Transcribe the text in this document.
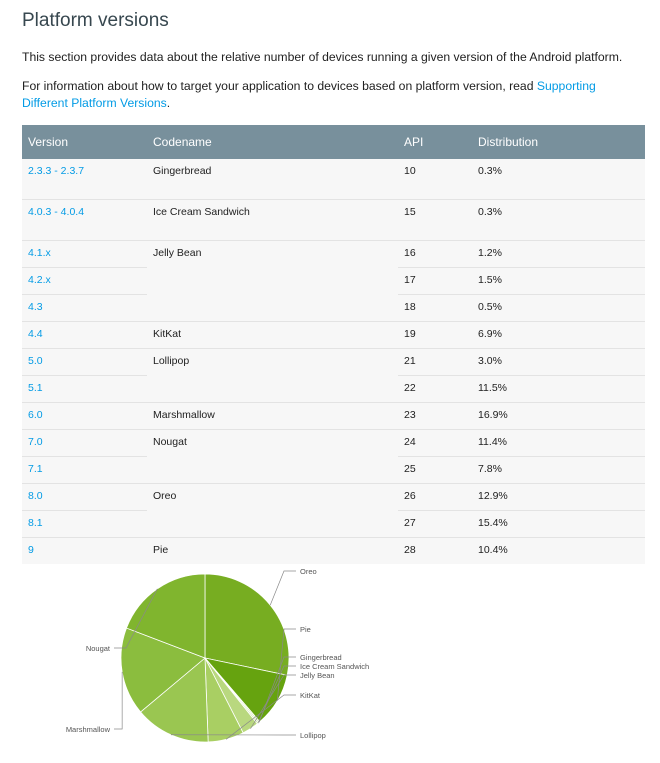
Platform versions

This section provides data about the relative number of devices running a given version of the Android platform.

For information about how to target your application to devices based on platform version, read Supporting Different Platform Versions.

Version	Codename	API	Distribution
2.3.3 - 2.3.7	Gingerbread	10	0.3%
4.0.3 - 4.0.4	Ice Cream Sandwich	15	0.3%
4.1.x	Jelly Bean	16	1.2%
4.2.x		17	1.5%
4.3		18	0.5%
4.4	KitKat	19	6.9%
5.0	Lollipop	21	3.0%
5.1		22	11.5%
6.0	Marshmallow	23	16.9%
7.0	Nougat	24	11.4%
7.1		25	7.8%
8.0	Oreo	26	12.9%
8.1		27	15.4%
9	Pie	28	10.4%
Oreo
Pie
Gingerbread
Ice Cream Sandwich
Jelly Bean
KitKat
Lollipop
Marshmallow
Nougat
